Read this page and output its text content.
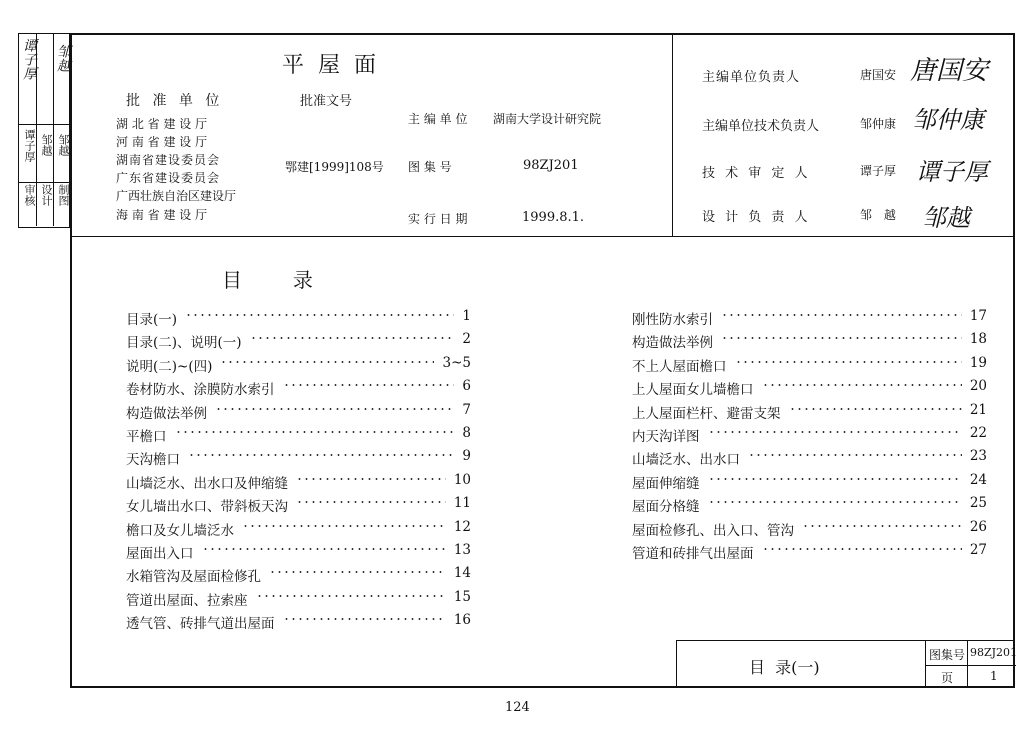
审核 设计 制图
谭子厚 邹越 邹越
谭子厚 邹越	平  屋  面
批 准 单 位	批准文号
湖 北 省 建 设 厅
河 南 省 建 设 厅
湖南省建设委员会
广东省建设委员会
广西壮族自治区建设厅
海 南 省 建 设 厅
鄂建[1999]108号
主 编 单 位 湖南大学设计研究院
图 集 号	98ZJ201
实 行 日 期	1999.8.1.
主编单位负责人	唐国安 唐国安
主编单位技术负责人	邹仲康 邹仲康
技 术 审 定 人	谭子厚 谭子厚
设 计 负 责 人	邹 越 邹越
目        录
目录(一)	1
目录(二)、说明(一)	2
说明(二)~(四)	3~5
卷材防水、涂膜防水索引	6
构造做法举例	7
平檐口	8
天沟檐口	9
山墙泛水、出水口及伸缩缝	10
女儿墙出水口、带斜板天沟	11
檐口及女儿墙泛水	12
屋面出入口	13
水箱管沟及屋面检修孔	14
管道出屋面、拉索座	15
透气管、砖排气道出屋面	16
刚性防水索引	17
构造做法举例	18
不上人屋面檐口	19
上人屋面女儿墙檐口	20
上人屋面栏杆、避雷支架	21
内天沟详图	22
山墙泛水、出水口	23
屋面伸缩缝	24
屋面分格缝	25
屋面检修孔、出入口、管沟	26
管道和砖排气出屋面	27
目  录(一)
图集号 98ZJ201
页	1
124
